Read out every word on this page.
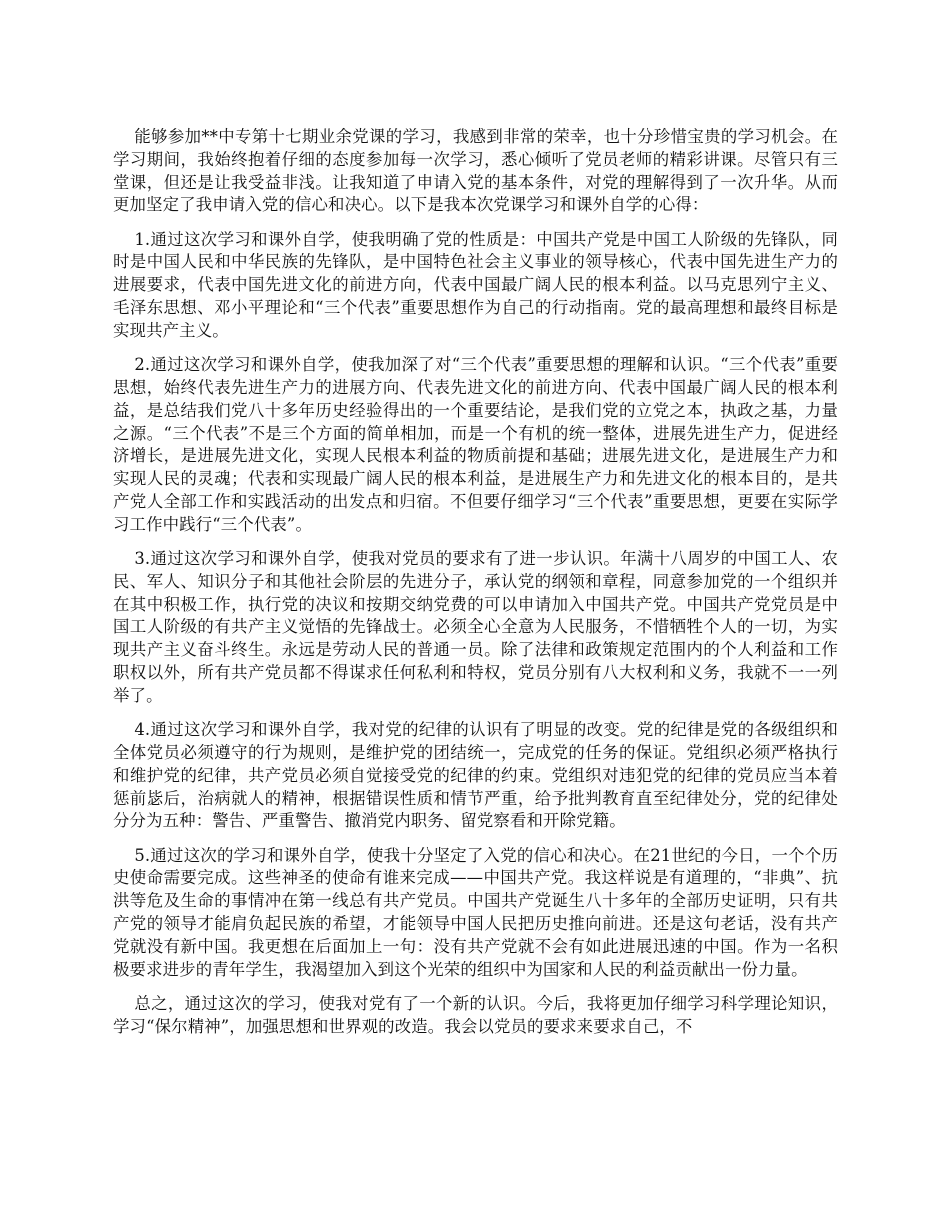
能够参加**中专第十七期业余党课的学习，我感到非常的荣幸，也十分珍惜宝贵的学习机会。在学习期间，我始终抱着仔细的态度参加每一次学习，悉心倾听了党员老师的精彩讲课。尽管只有三堂课，但还是让我受益非浅。让我知道了申请入党的基本条件，对党的理解得到了一次升华。从而更加坚定了我申请入党的信心和决心。以下是我本次党课学习和课外自学的心得：

1.通过这次学习和课外自学，使我明确了党的性质是：中国共产党是中国工人阶级的先锋队，同时是中国人民和中华民族的先锋队，是中国特色社会主义事业的领导核心，代表中国先进生产力的进展要求，代表中国先进文化的前进方向，代表中国最广阔人民的根本利益。以马克思列宁主义、毛泽东思想、邓小平理论和“三个代表”重要思想作为自己的行动指南。党的最高理想和最终目标是实现共产主义。

2.通过这次学习和课外自学，使我加深了对“三个代表”重要思想的理解和认识。“三个代表”重要思想，始终代表先进生产力的进展方向、代表先进文化的前进方向、代表中国最广阔人民的根本利益，是总结我们党八十多年历史经验得出的一个重要结论，是我们党的立党之本，执政之基，力量之源。“三个代表”不是三个方面的简单相加，而是一个有机的统一整体，进展先进生产力，促进经济增长，是进展先进文化，实现人民根本利益的物质前提和基础；进展先进文化，是进展生产力和实现人民的灵魂；代表和实现最广阔人民的根本利益，是进展生产力和先进文化的根本目的，是共产党人全部工作和实践活动的出发点和归宿。不但要仔细学习“三个代表”重要思想，更要在实际学习工作中践行“三个代表”。

3.通过这次学习和课外自学，使我对党员的要求有了进一步认识。年满十八周岁的中国工人、农民、军人、知识分子和其他社会阶层的先进分子，承认党的纲领和章程，同意参加党的一个组织并在其中积极工作，执行党的决议和按期交纳党费的可以申请加入中国共产党。中国共产党党员是中国工人阶级的有共产主义觉悟的先锋战士。必须全心全意为人民服务，不惜牺牲个人的一切，为实现共产主义奋斗终生。永远是劳动人民的普通一员。除了法律和政策规定范围内的个人利益和工作职权以外，所有共产党员都不得谋求任何私利和特权，党员分别有八大权利和义务，我就不一一列举了。

4.通过这次学习和课外自学，我对党的纪律的认识有了明显的改变。党的纪律是党的各级组织和全体党员必须遵守的行为规则，是维护党的团结统一，完成党的任务的保证。党组织必须严格执行和维护党的纪律，共产党员必须自觉接受党的纪律的约束。党组织对违犯党的纪律的党员应当本着惩前毖后，治病就人的精神，根据错误性质和情节严重，给予批判教育直至纪律处分，党的纪律处分分为五种：警告、严重警告、撤消党内职务、留党察看和开除党籍。

5.通过这次的学习和课外自学，使我十分坚定了入党的信心和决心。在21世纪的今日，一个个历史使命需要完成。这些神圣的使命有谁来完成——中国共产党。我这样说是有道理的，“非典”、抗洪等危及生命的事情冲在第一线总有共产党员。中国共产党诞生八十多年的全部历史证明，只有共产党的领导才能肩负起民族的希望，才能领导中国人民把历史推向前进。还是这句老话，没有共产党就没有新中国。我更想在后面加上一句：没有共产党就不会有如此进展迅速的中国。作为一名积极要求进步的青年学生，我渴望加入到这个光荣的组织中为国家和人民的利益贡献出一份力量。

总之，通过这次的学习，使我对党有了一个新的认识。今后，我将更加仔细学习科学理论知识，学习“保尔精神”，加强思想和世界观的改造。我会以党员的要求来要求自己，不
